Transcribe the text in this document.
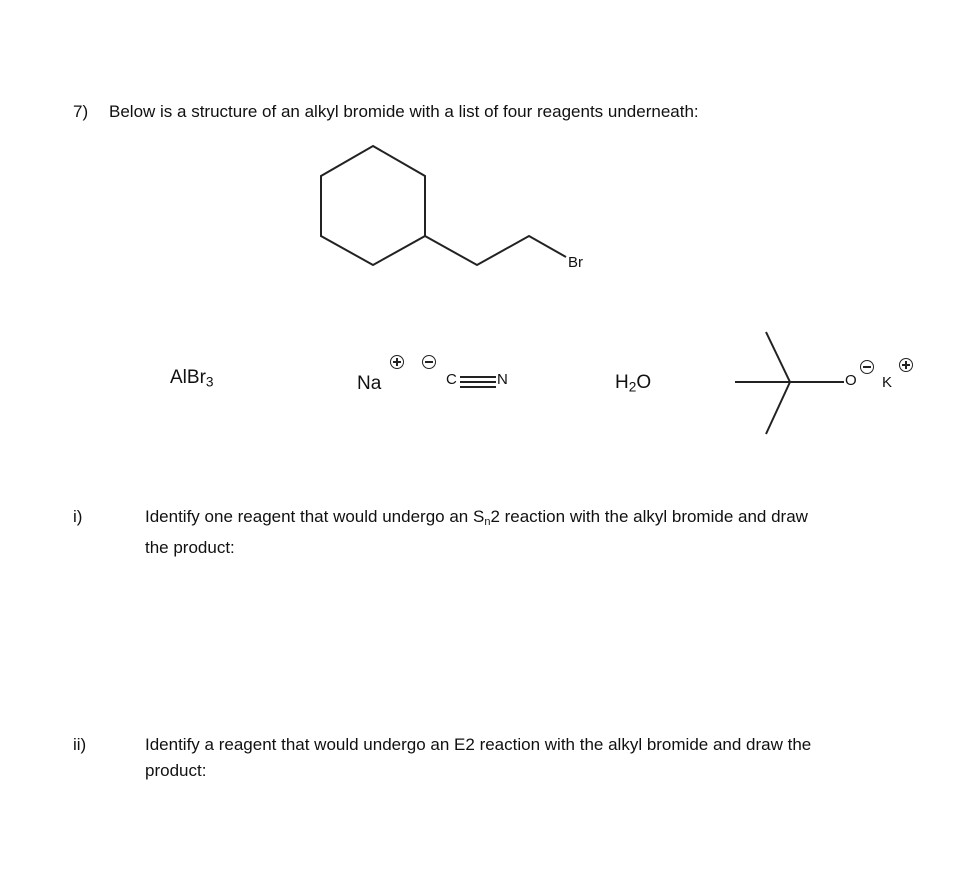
7) Below is a structure of an alkyl bromide with a list of four reagents underneath:
Br
AlBr$_3$	Na	C	N	$H_2O$	O K
i)	Identify one reagent that would undergo an $S_n2$ reaction with the alkyl bromide and draw
the product:
ii)	Identify a reagent that would undergo an E2 reaction with the alkyl bromide and draw the
product:
